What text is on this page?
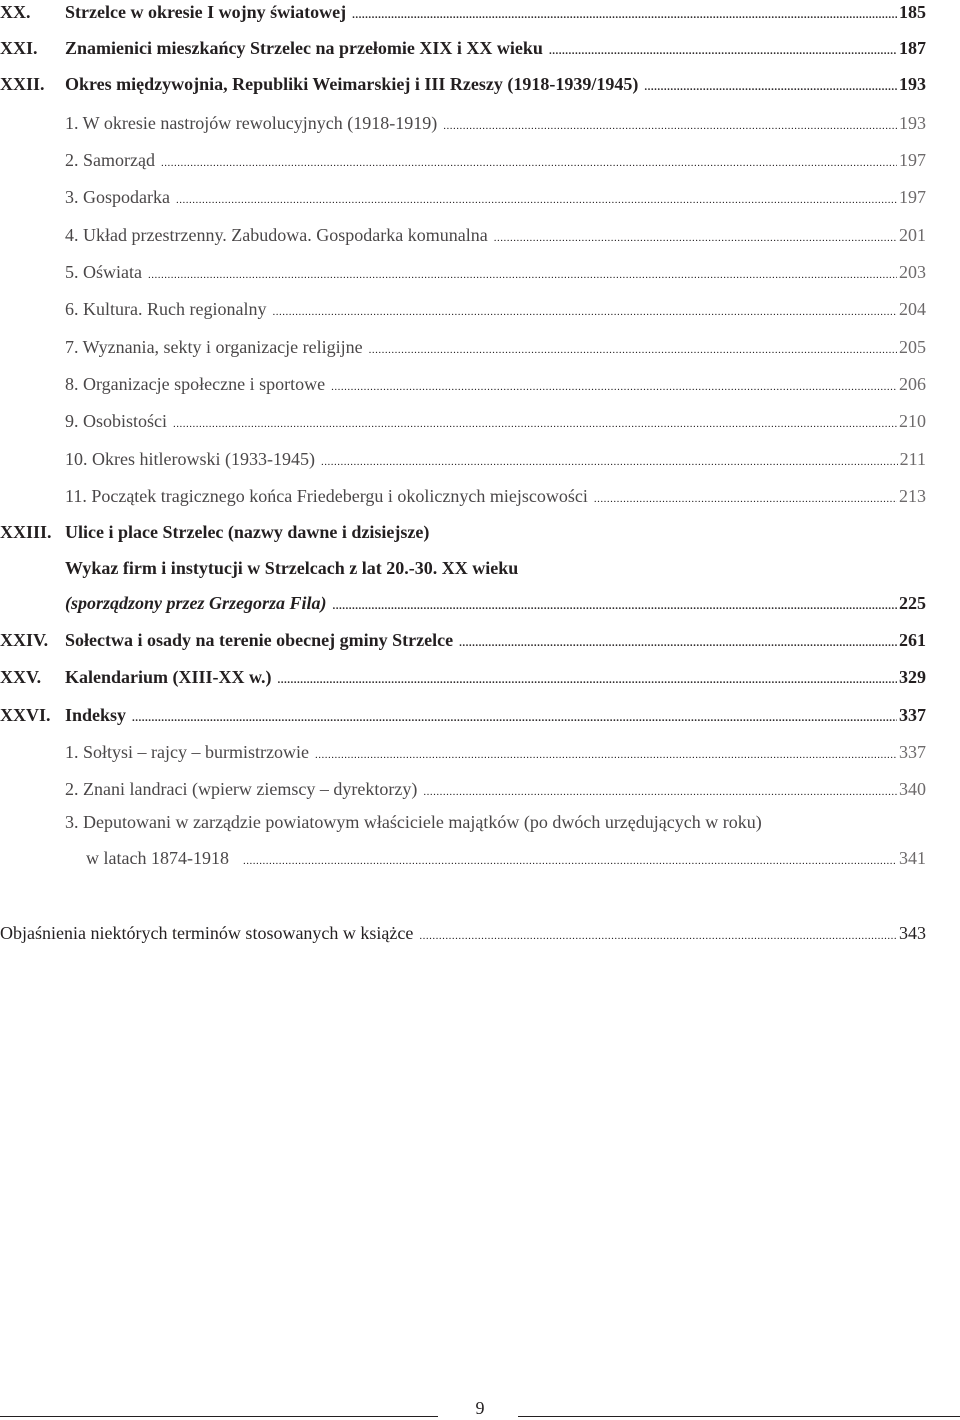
XX.	Strzelce w okresie I wojny światowej .....	185
XXI.	Znamienici mieszkańcy Strzelec na przełomie XIX i XX wieku .....	187
XXII.	Okres międzywojnia, Republiki Weimarskiej i III Rzeszy (1918-1939/1945) .....	193
1. W okresie nastrojów rewolucyjnych (1918-1919) .....	193
2. Samorząd .....	197
3. Gospodarka .....	197
4. Układ przestrzenny. Zabudowa. Gospodarka komunalna .....	201
5. Oświata .....	203
6. Kultura. Ruch regionalny .....	204
7. Wyznania, sekty i organizacje religijne .....	205
8. Organizacje społeczne i sportowe .....	206
9. Osobistości .....	210
10. Okres hitlerowski (1933-1945) .....	211
11. Początek tragicznego końca Friedebergu i okolicznych miejscowości .....	213
XXIII. Ulice i place Strzelec (nazwy dawne i dzisiejsze)
Wykaz firm i instytucji w Strzelcach z lat 20.-30. XX wieku
(sporządzony przez Grzegorza Fila) .....	225
XXIV. Sołectwa i osady na terenie obecnej gminy Strzelce .....	261
XXV.	Kalendarium (XIII-XX w.) .....	329
XXVI. Indeksy .....	337
1. Sołtysi – rajcy – burmistrzowie .....	337
2. Znani landraci (wpierw ziemscy – dyrektorzy) .....	340
3. Deputowani w zarządzie powiatowym właściciele majątków (po dwóch urzędujących w roku)
w latach 1874-1918 .....	341
Objaśnienia niektórych terminów stosowanych w książce .....	343
9
